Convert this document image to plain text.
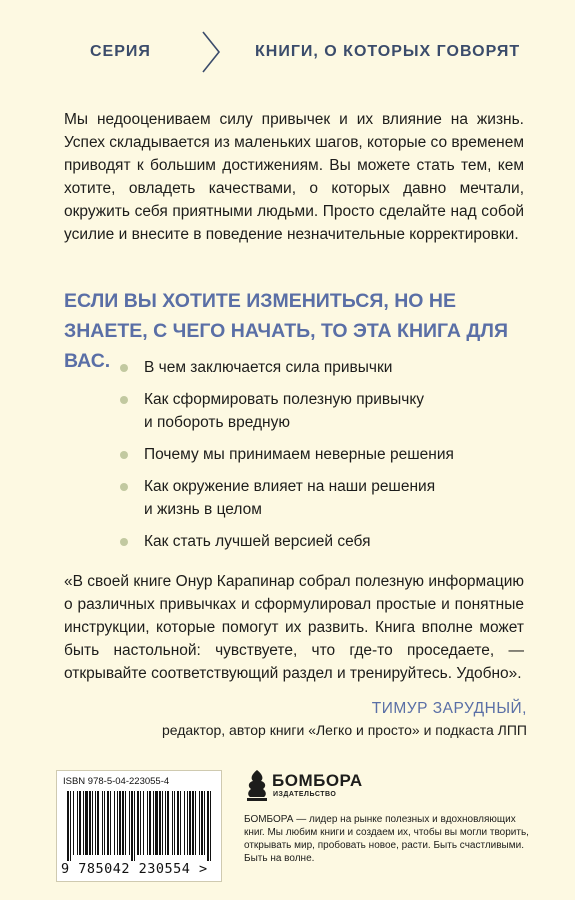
СЕРИЯ	КНИГИ, О КОТОРЫХ ГОВОРЯТ

Мы недооцениваем силу привычек и их влияние на жизнь. Успех складывается из маленьких шагов, которые со временем приводят к большим достижениям. Вы можете стать тем, кем хотите, овладеть качествами, о которых давно мечтали, окружить себя приятными людьми. Просто сделайте над собой усилие и внесите в поведение незначительные корректировки.

ЕСЛИ ВЫ ХОТИТЕ ИЗМЕНИТЬСЯ, НО НЕ ЗНАЕТЕ, С ЧЕГО НАЧАТЬ, ТО ЭТА КНИГА ДЛЯ ВАС.	В чем заключается сила привычки
Как сформировать полезную привычку
и побороть вредную
Почему мы принимаем неверные решения
Как окружение влияет на наши решения
и жизнь в целом
Как стать лучшей версией себя

«В своей книге Онур Карапинар собрал полезную информацию о различных привычках и сформулировал простые и понятные инструкции, которые помогут их развить. Книга вполне может быть настольной: чувствуете, что где-то проседаете, — открывайте соответствующий раздел и тренируйтесь. Удобно».

ТИМУР ЗАРУДНЫЙ,
редактор, автор книги «Легко и просто» и подкаста ЛПП
ISBN 978-5-04-223055-4
9 785042 230554 >
БОМБОРА
ИЗДАТЕЛЬСТВО

БОМБОРА — лидер на рынке полезных и вдохновляющих книг. Мы любим книги и создаем их, чтобы вы могли творить, открывать мир, пробовать новое, расти. Быть счастливыми. Быть на волне.
